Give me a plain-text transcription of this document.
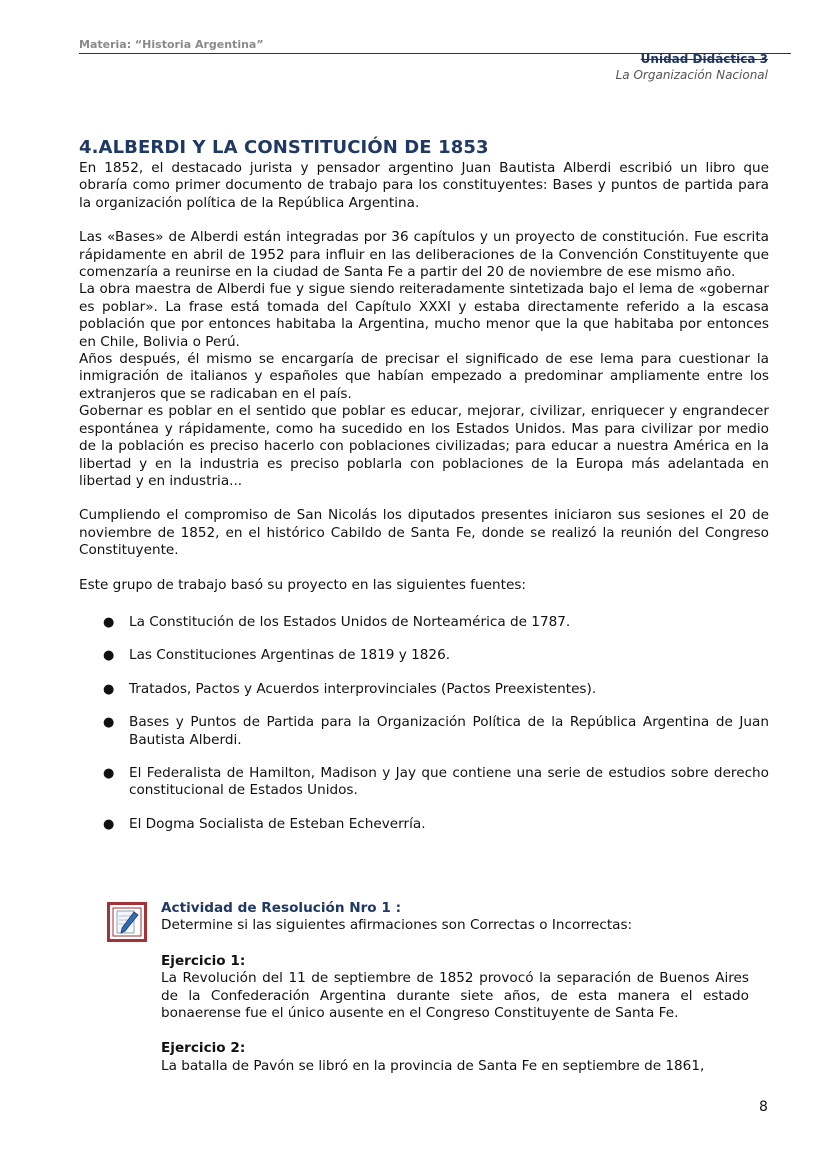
Materia: “Historia Argentina”
Unidad Didáctica 3
La Organización Nacional
4.ALBERDI Y LA CONSTITUCIÓN DE 1853

En 1852, el destacado jurista y pensador argentino Juan Bautista Alberdi escribió un libro que obraría como primer documento de trabajo para los constituyentes: Bases y puntos de partida para la organización política de la República Argentina.

Las «Bases» de Alberdi están integradas por 36 capítulos y un proyecto de constitución. Fue escrita rápidamente en abril de 1952 para influir en las deliberaciones de la Convención Constituyente que comenzaría a reunirse en la ciudad de Santa Fe a partir del 20 de noviembre de ese mismo año.

La obra maestra de Alberdi fue y sigue siendo reiteradamente sintetizada bajo el lema de «gobernar es poblar». La frase está tomada del Capítulo XXXI y estaba directamente referido a la escasa población que por entonces habitaba la Argentina, mucho menor que la que habitaba por entonces en Chile, Bolivia o Perú.

Años después, él mismo se encargaría de precisar el significado de ese lema para cuestionar la inmigración de italianos y españoles que habían empezado a predominar ampliamente entre los extranjeros que se radicaban en el país.

Gobernar es poblar en el sentido que poblar es educar, mejorar, civilizar, enriquecer y engrandecer espontánea y rápidamente, como ha sucedido en los Estados Unidos. Mas para civilizar por medio de la población es preciso hacerlo con poblaciones civilizadas; para educar a nuestra América en la libertad y en la industria es preciso poblarla con poblaciones de la Europa más adelantada en libertad y en industria...

Cumpliendo el compromiso de San Nicolás los diputados presentes iniciaron sus sesiones el 20 de noviembre de 1852, en el histórico Cabildo de Santa Fe, donde se realizó la reunión del Congreso Constituyente.

Este grupo de trabajo basó su proyecto en las siguientes fuentes:

● La Constitución de los Estados Unidos de Norteamérica de 1787.
● Las Constituciones Argentinas de 1819 y 1826.
● Tratados, Pactos y Acuerdos interprovinciales (Pactos Preexistentes).
● Bases y Puntos de Partida para la Organización Política de la República Argentina de Juan Bautista Alberdi.
● El Federalista de Hamilton, Madison y Jay que contiene una serie de estudios sobre derecho constitucional de Estados Unidos.
● El Dogma Socialista de Esteban Echeverría.

Actividad de Resolución Nro 1 :

Determine si las siguientes afirmaciones son Correctas o Incorrectas:

Ejercicio 1:

La Revolución del 11 de septiembre de 1852 provocó la separación de Buenos Aires de la Confederación Argentina durante siete años, de esta manera el estado bonaerense fue el único ausente en el Congreso Constituyente de Santa Fe.

Ejercicio 2:

La batalla de Pavón se libró en la provincia de Santa Fe en septiembre de 1861,

8
